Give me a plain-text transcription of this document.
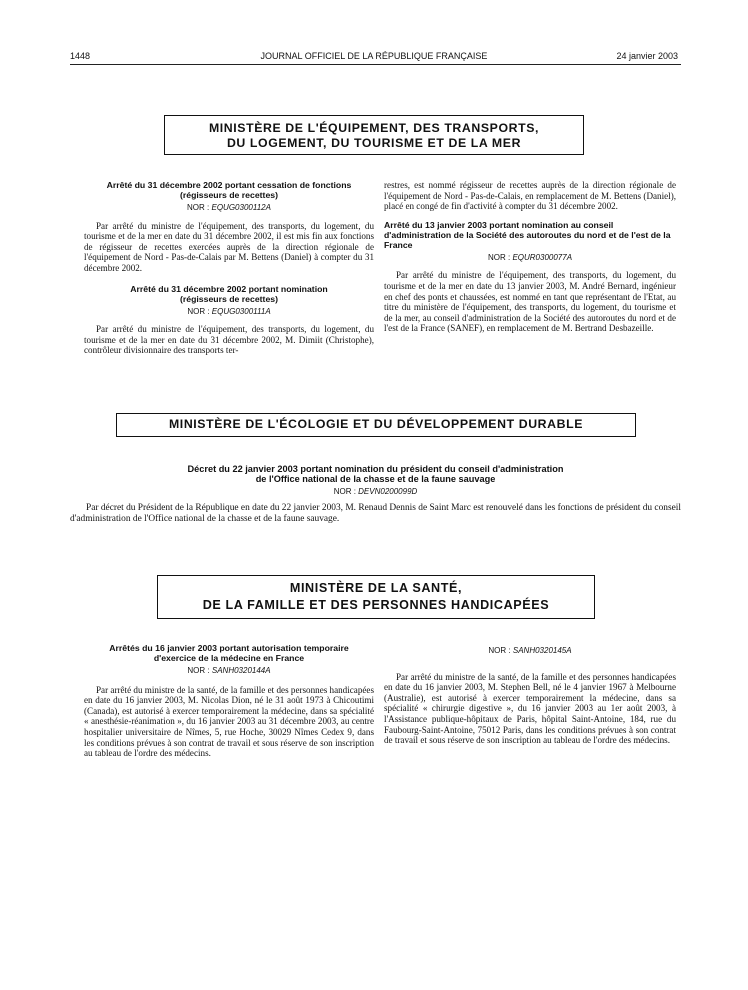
1448	JOURNAL OFFICIEL DE LA RÉPUBLIQUE FRANÇAISE	24 janvier 2003
MINISTÈRE DE L'ÉQUIPEMENT, DES TRANSPORTS,
DU LOGEMENT, DU TOURISME ET DE LA MER
Arrêté du 31 décembre 2002 portant cessation de fonctions (régisseurs de recettes)
NOR : EQUG0300112A

Par arrêté du ministre de l'équipement, des transports, du logement, du tourisme et de la mer en date du 31 décembre 2002, il est mis fin aux fonctions de régisseur de recettes exercées auprès de la direction régionale de l'équipement de Nord - Pas-de-Calais par M. Bettens (Daniel) à compter du 31 décembre 2002.

Arrêté du 31 décembre 2002 portant nomination (régisseurs de recettes)
NOR : EQUG0300111A

Par arrêté du ministre de l'équipement, des transports, du logement, du tourisme et de la mer en date du 31 décembre 2002, M. Dimiit (Christophe), contrôleur divisionnaire des transports ter-

restres, est nommé régisseur de recettes auprès de la direction régionale de l'équipement de Nord - Pas-de-Calais, en remplacement de M. Bettens (Daniel), placé en congé de fin d'activité à compter du 31 décembre 2002.

Arrêté du 13 janvier 2003 portant nomination au conseil d'administration de la Société des autoroutes du nord et de l'est de la France
NOR : EQUR0300077A

Par arrêté du ministre de l'équipement, des transports, du logement, du tourisme et de la mer en date du 13 janvier 2003, M. André Bernard, ingénieur en chef des ponts et chaussées, est nommé en tant que représentant de l'Etat, au titre du ministère de l'équipement, des transports, du logement, du tourisme et de la mer, au conseil d'administration de la Société des autoroutes du nord et de l'est de la France (SANEF), en remplacement de M. Bertrand Desbazeille.

MINISTÈRE DE L'ÉCOLOGIE ET DU DÉVELOPPEMENT DURABLE
Décret du 22 janvier 2003 portant nomination du président du conseil d'administration
de l'Office national de la chasse et de la faune sauvage
NOR : DEVN0200099D

Par décret du Président de la République en date du 22 janvier 2003, M. Renaud Dennis de Saint Marc est renouvelé dans les fonctions de président du conseil d'administration de l'Office national de la chasse et de la faune sauvage.

MINISTÈRE DE LA SANTÉ,
DE LA FAMILLE ET DES PERSONNES HANDICAPÉES
Arrêtés du 16 janvier 2003 portant autorisation temporaire d'exercice de la médecine en France
NOR : SANH0320144A

Par arrêté du ministre de la santé, de la famille et des personnes handicapées en date du 16 janvier 2003, M. Nicolas Dion, né le 31 août 1973 à Chicoutimi (Canada), est autorisé à exercer temporairement la médecine, dans sa spécialité « anesthésie-réanimation », du 16 janvier 2003 au 31 décembre 2003, au centre hospitalier universitaire de Nîmes, 5, rue Hoche, 30029 Nîmes Cedex 9, dans les conditions prévues à son contrat de travail et sous réserve de son inscription au tableau de l'ordre des médecins.

NOR : SANH0320145A

Par arrêté du ministre de la santé, de la famille et des personnes handicapées en date du 16 janvier 2003, M. Stephen Bell, né le 4 janvier 1967 à Melbourne (Australie), est autorisé à exercer temporairement la médecine, dans sa spécialité « chirurgie digestive », du 16 janvier 2003 au 1er août 2003, à l'Assistance publique-hôpitaux de Paris, hôpital Saint-Antoine, 184, rue du Faubourg-Saint-Antoine, 75012 Paris, dans les conditions prévues à son contrat de travail et sous réserve de son inscription au tableau de l'ordre des médecins.
